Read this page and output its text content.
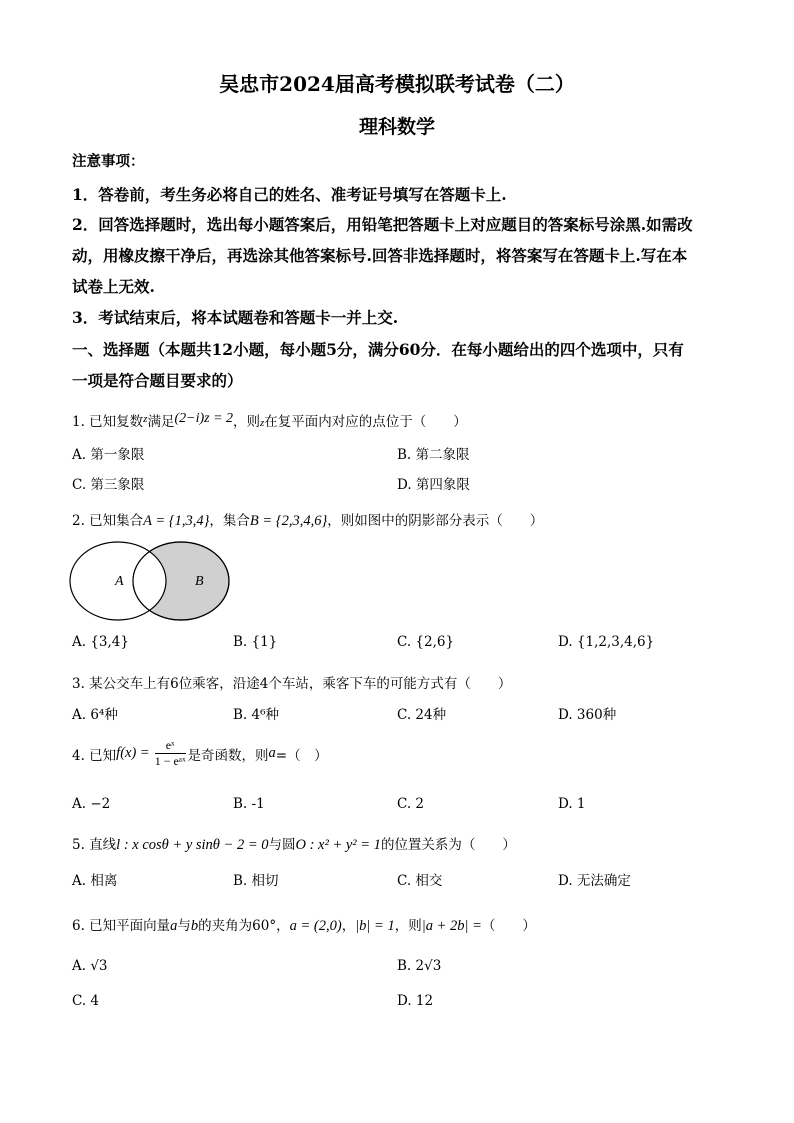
吴忠市2024届高考模拟联考试卷（二）
理科数学
注意事项：
1．答卷前，考生务必将自己的姓名、准考证号填写在答题卡上.
2．回答选择题时，选出每小题答案后，用铅笔把答题卡上对应题目的答案标号涂黑.如需改
动，用橡皮擦干净后，再选涂其他答案标号.回答非选择题时，将答案写在答题卡上.写在本
试卷上无效.
3．考试结束后，将本试题卷和答题卡一并上交.
一、选择题（本题共12小题，每小题5分，满分60分．在每小题给出的四个选项中，只有
一项是符合题目要求的）
1. 已知复数$^z$满足(2−i)z = 2，则z在复平面内对应的点位于（　　）
A. 第一象限	B. 第二象限
C. 第三象限	D. 第四象限
2. 已知集合A = {1,3,4}，集合B = {2,3,4,6}，则如图中的阴影部分表示（　　）
A	B
A. {3,4}	B. {1}	C. {2,6}	D. {1,2,3,4,6}
3. 某公交车上有6位乘客，沿途4个车站，乘客下车的可能方式有（　　）
A. 6⁴种	B. 4⁶种	C. 24种	D. 360种
4. 已知 f(x) = eˣ
1 − eᵃˣ 是奇函数，则 a =（　）
A. −2	B. -1	C. 2	D. 1
5. 直线l : x cosθ + y sinθ − 2 = 0与圆O : x² + y² = 1的位置关系为（　　）
A. 相离	B. 相切	C. 相交	D. 无法确定
6. 已知平面向量a与b的夹角为60°，a = (2,0)，|b| = 1，则|a + 2b| =（　　）
A. √3	B. 2√3
C. 4	D. 12
